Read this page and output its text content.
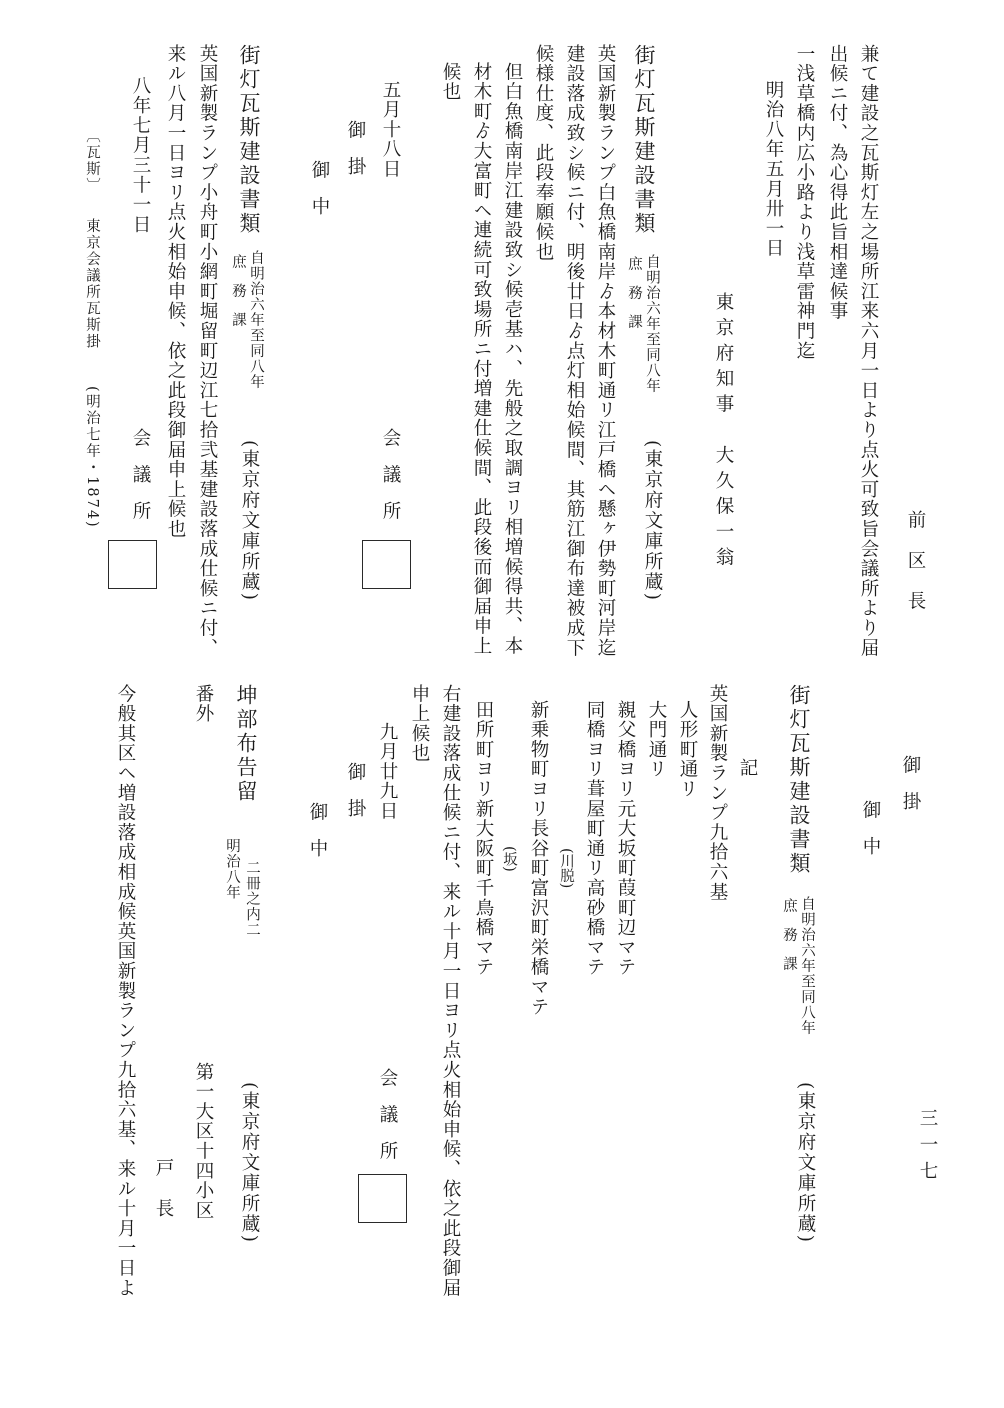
兼て建設之瓦斯灯左之場所江来六月一日より点火可致旨会議所より届
出候ニ付、為心得此旨相達候事
一浅草橋内広小路より浅草雷神門迄
明治八年五月卅一日
東京府知事　大久保一翁	前区長
街灯瓦斯建設書類
自明治六年至同八年
庶　務　課
(東京府文庫所蔵)
英国新製ランプ白魚橋南岸ゟ本材木町通リ江戸橋ヘ懸ヶ伊勢町河岸迄
建設落成致シ候ニ付、明後廿日ゟ点灯相始候間、其筋江御布達被成下
候様仕度、此段奉願候也
但白魚橋南岸江建設致シ候壱基ハ、先般之取調ヨリ相増候得共、本
材木町ゟ大富町ヘ連続可致場所ニ付増建仕候間、此段後而御届申上
候也
五月十八日
会議所
御掛
御中
街灯瓦斯建設書類
自明治六年至同八年
庶　務　課
(東京府文庫所蔵)
英国新製ランプ小舟町小網町堀留町辺江七拾弐基建設落成仕候ニ付、
来ル八月一日ヨリ点火相始申候、依之此段御届申上候也
八年七月三十一日
会議所
〔瓦斯〕
東京会議所瓦斯掛
(明治七年・1874)
御掛
御中
街灯瓦斯建設書類
自明治六年至同八年
庶　務　課
(東京府文庫所蔵)
記
英国新製ランプ九拾六基
人形町通リ
大門通リ
親父橋ヨリ元大坂町葭町辺マテ
同橋ヨリ葺屋町通リ高砂橋マテ
(川脱)
新乗物町ヨリ長谷町富沢町栄橋マテ
(坂)
田所町ヨリ新大阪町千鳥橋マテ
右建設落成仕候ニ付、来ル十月一日ヨリ点火相始申候、依之此段御届
申上候也
九月廿九日
会議所
御掛
御中
坤部布告留
二冊之内二
明治八年
(東京府文庫所蔵)
番外
第一大区十四小区
戸長
今般其区ヘ増設落成相成候英国新製ランプ九拾六基、来ル十月一日よ	三一七
